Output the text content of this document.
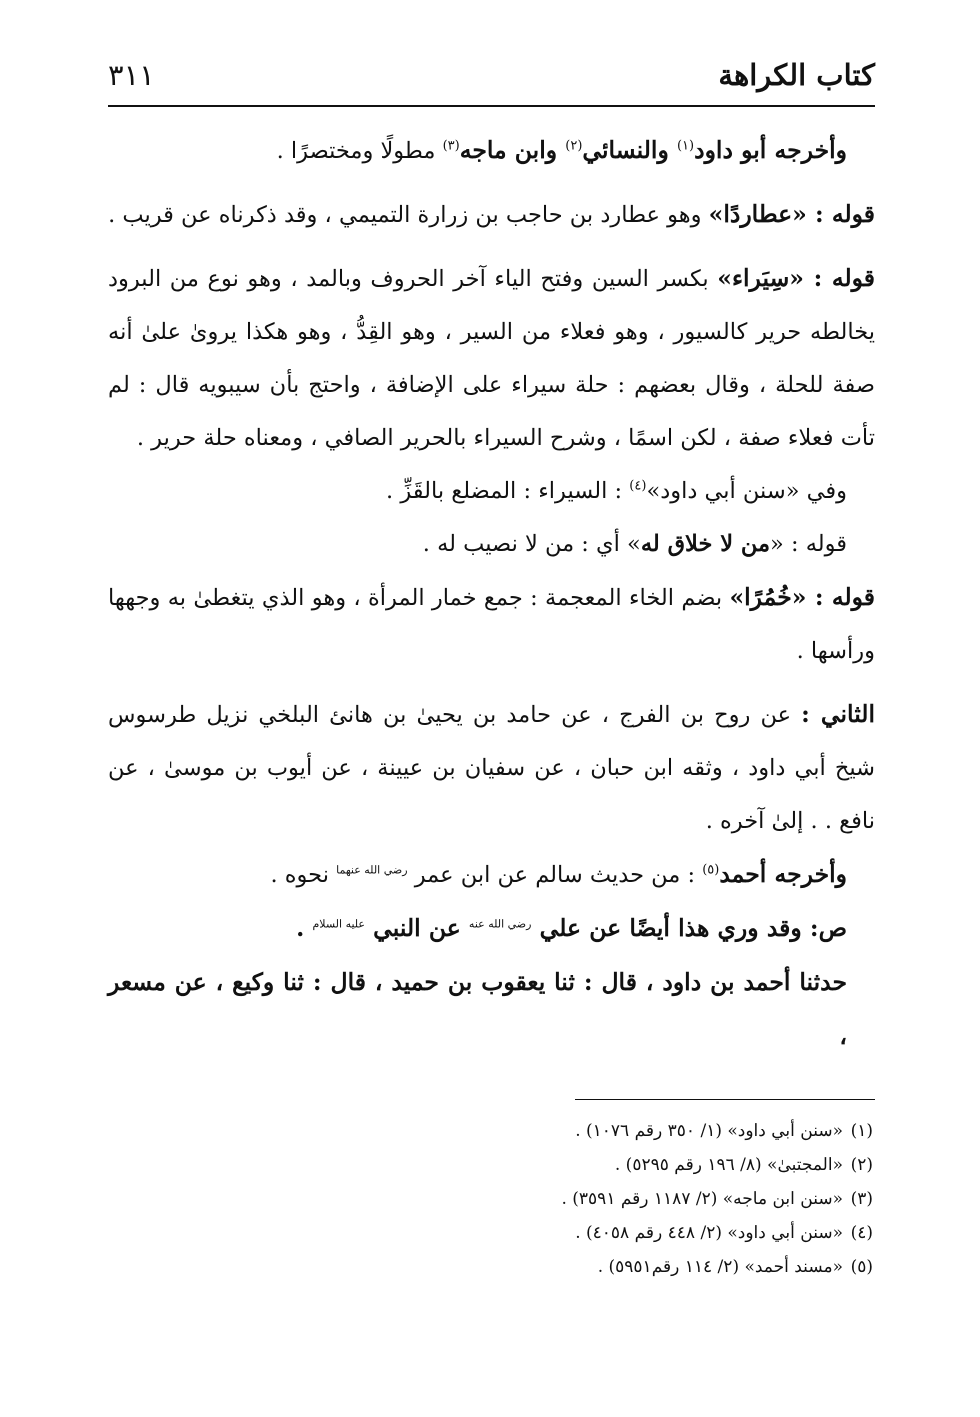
كتاب الكراهة
٣١١

وأخرجه أبو داود$^{(١)}$ والنسائي$^{(٢)}$ وابن ماجه$^{(٣)}$ مطولًا ومختصرًا .

قوله : «عطاردًا» وهو عطارد بن حاجب بن زرارة التميمي ، وقد ذكرناه عن قريب .

قوله : «سِيَراء» بكسر السين وفتح الياء آخر الحروف وبالمد ، وهو نوع من البرود يخالطه حرير كالسيور ، وهو فعلاء من السير ، وهو القِدُّ ، وهو هكذا يروىٰ علىٰ أنه صفة للحلة ، وقال بعضهم : حلة سيراء على الإضافة ، واحتج بأن سيبويه قال : لم تأت فعلاء صفة ، لكن اسمًا ، وشرح السيراء بالحرير الصافي ، ومعناه حلة حرير .

وفي «سنن أبي داود»$^{(٤)}$ : السيراء : المضلع بالقَزِّ .

قوله : «من لا خلاق له» أي : من لا نصيب له .

قوله : «خُمُرًا» بضم الخاء المعجمة : جمع خمار المرأة ، وهو الذي يتغطىٰ به وجهها ورأسها .

الثاني : عن روح بن الفرج ، عن حامد بن يحيىٰ بن هانئ البلخي نزيل طرسوس شيخ أبي داود ، وثقه ابن حبان ، عن سفيان بن عيينة ، عن أيوب بن موسىٰ ، عن نافع . . إلىٰ آخره .

وأخرجه أحمد$^{(٥)}$ : من حديث سالم عن ابن عمر $^{رضي الله عنهما}$ نحوه .

ص: وقد وري هذا أيضًا عن علي $^{رضي الله عنه}$ عن النبي $^{عليه السلام}$ .

حدثنا أحمد بن داود ، قال : ثنا يعقوب بن حميد ، قال : ثنا وكيع ، عن مسعر ،

(١)«سنن أبي داود» (١/ ٣٥٠ رقم ١٠٧٦) .

(٢)«المجتبىٰ» (٨/ ١٩٦ رقم ٥٢٩٥) .

(٣)«سنن ابن ماجه» (٢/ ١١٨٧ رقم ٣٥٩١) .

(٤)«سنن أبي داود» (٢/ ٤٤٨ رقم ٤٠٥٨) .

(٥)«مسند أحمد» (٢/ ١١٤ رقم٥٩٥١) .
